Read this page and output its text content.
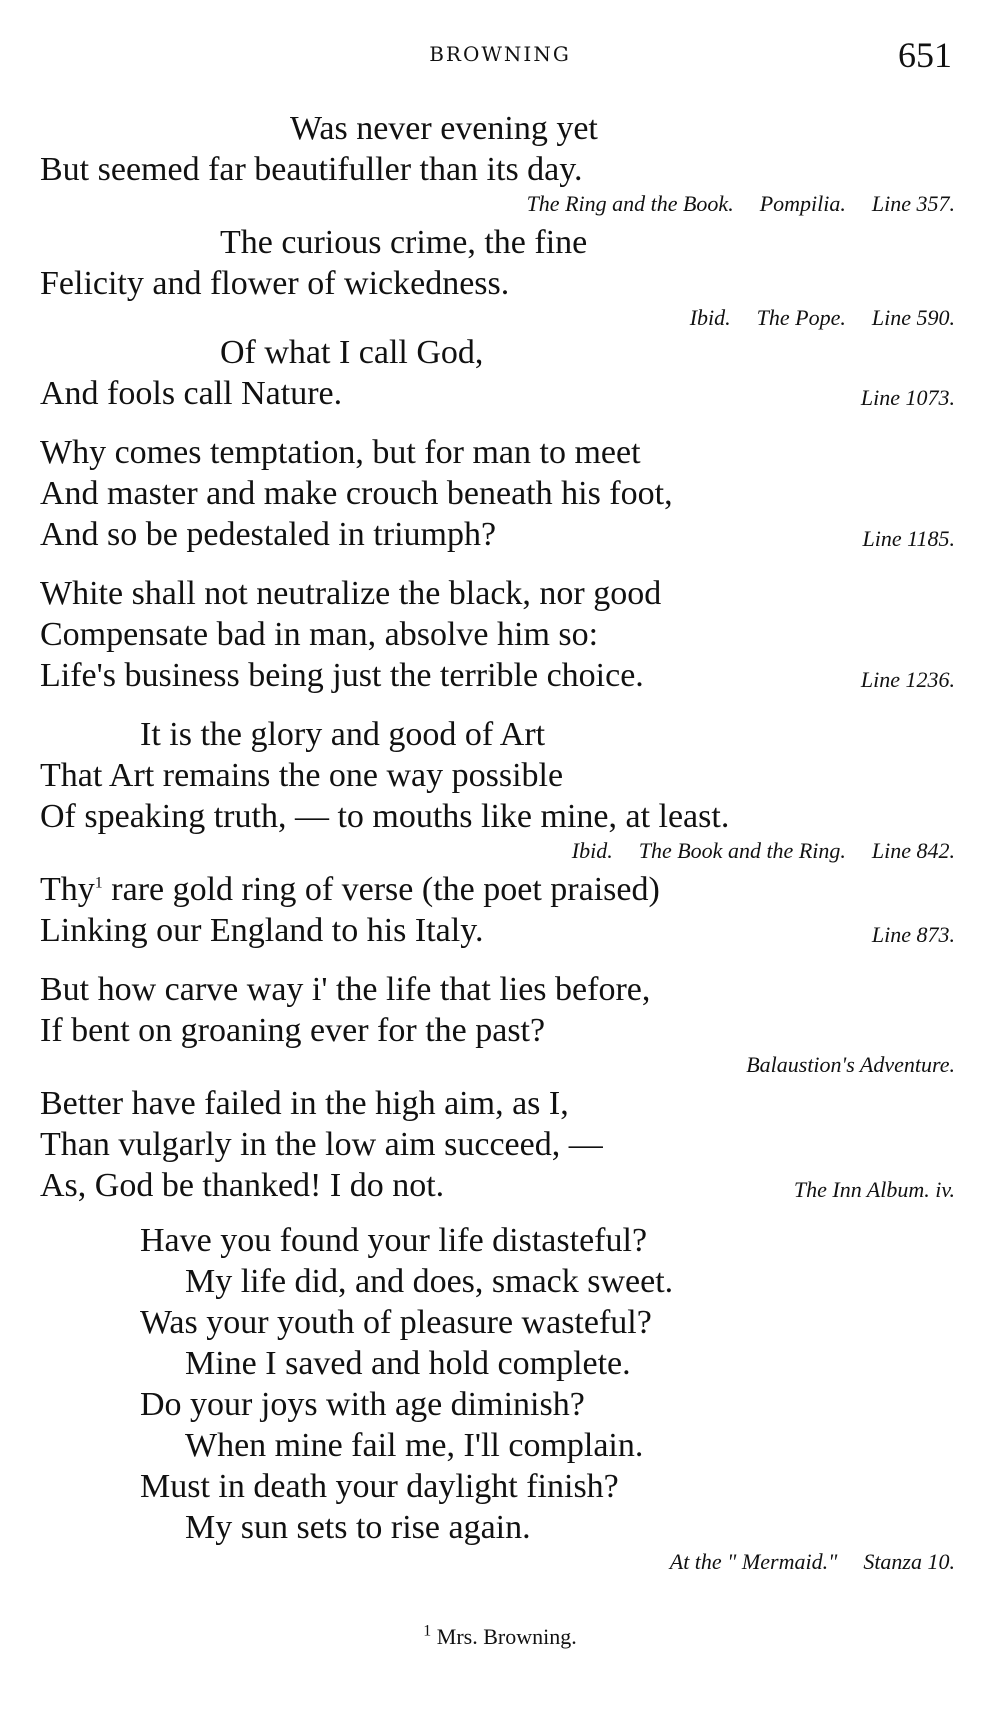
BROWNING	651
Was never evening yet
But seemed far beautifuller than its day.
The Ring and the Book. Pompilia. Line 357.
The curious crime, the fine
Felicity and flower of wickedness.
Ibid. The Pope. Line 590.
Of what I call God,
And fools call Nature.	Line 1073.
Why comes temptation, but for man to meet
And master and make crouch beneath his foot,
And so be pedestaled in triumph?	Line 1185.
White shall not neutralize the black, nor good
Compensate bad in man, absolve him so:
Life's business being just the terrible choice.	Line 1236.
It is the glory and good of Art
That Art remains the one way possible
Of speaking truth, — to mouths like mine, at least.
Ibid. The Book and the Ring. Line 842.
Thy$^1$ rare gold ring of verse (the poet praised)
Linking our England to his Italy.	Line 873.
But how carve way i' the life that lies before,
If bent on groaning ever for the past?
Balaustion's Adventure.
Better have failed in the high aim, as I,
Than vulgarly in the low aim succeed, —
As, God be thanked! I do not.	The Inn Album. iv.
Have you found your life distasteful?
My life did, and does, smack sweet.
Was your youth of pleasure wasteful?
Mine I saved and hold complete.
Do your joys with age diminish?
When mine fail me, I'll complain.
Must in death your daylight finish?
My sun sets to rise again.
At the " Mermaid." Stanza 10.
$^1$ Mrs. Browning.
